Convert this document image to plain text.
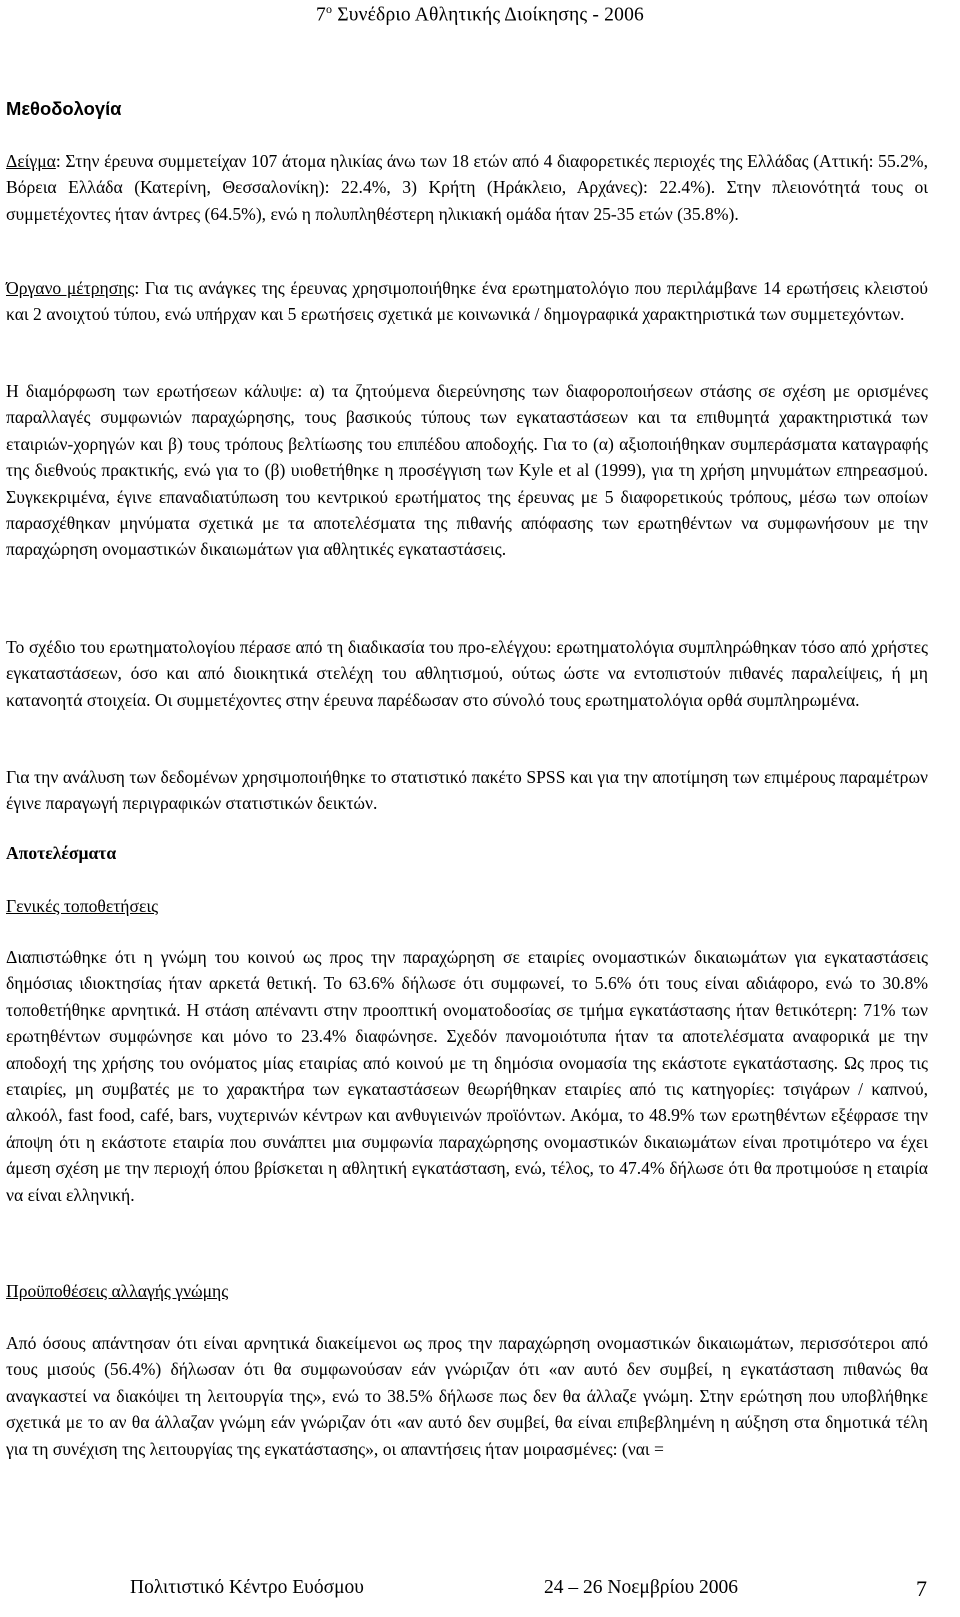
$7^o$ Συνέδριο Αθλητικής Διοίκησης - 2006
Μεθοδολογία
Δείγμα: Στην έρευνα συμμετείχαν 107 άτομα ηλικίας άνω των 18 ετών από 4 διαφορετικές περιοχές της Ελλάδας (Αττική: 55.2%, Βόρεια Ελλάδα (Κατερίνη, Θεσσαλονίκη): 22.4%, 3) Κρήτη (Ηράκλειο, Αρχάνες): 22.4%). Στην πλειονότητά τους οι συμμετέχοντες ήταν άντρες (64.5%), ενώ η πολυπληθέστερη ηλικιακή ομάδα ήταν 25-35 ετών (35.8%).
Όργανο μέτρησης: Για τις ανάγκες της έρευνας χρησιμοποιήθηκε ένα ερωτηματολόγιο που περιλάμβανε 14 ερωτήσεις κλειστού και 2 ανοιχτού τύπου, ενώ υπήρχαν και 5 ερωτήσεις σχετικά με κοινωνικά / δημογραφικά χαρακτηριστικά των συμμετεχόντων.
Η διαμόρφωση των ερωτήσεων κάλυψε: α) τα ζητούμενα διερεύνησης των διαφοροποιήσεων στάσης σε σχέση με ορισμένες παραλλαγές συμφωνιών παραχώρησης, τους βασικούς τύπους των εγκαταστάσεων και τα επιθυμητά χαρακτηριστικά των εταιριών-χορηγών και β) τους τρόπους βελτίωσης του επιπέδου αποδοχής. Για το (α) αξιοποιήθηκαν συμπεράσματα καταγραφής της διεθνούς πρακτικής, ενώ για το (β) υιοθετήθηκε η προσέγγιση των Kyle et al (1999), για τη χρήση μηνυμάτων επηρεασμού. Συγκεκριμένα, έγινε επαναδιατύπωση του κεντρικού ερωτήματος της έρευνας με 5 διαφορετικούς τρόπους, μέσω των οποίων παρασχέθηκαν μηνύματα σχετικά με τα αποτελέσματα της πιθανής απόφασης των ερωτηθέντων να συμφωνήσουν με την παραχώρηση ονομαστικών δικαιωμάτων για αθλητικές εγκαταστάσεις.
Το σχέδιο του ερωτηματολογίου πέρασε από τη διαδικασία του προ-ελέγχου: ερωτηματολόγια συμπληρώθηκαν τόσο από χρήστες εγκαταστάσεων, όσο και από διοικητικά στελέχη του αθλητισμού, ούτως ώστε να εντοπιστούν πιθανές παραλείψεις, ή μη κατανοητά στοιχεία. Οι συμμετέχοντες στην έρευνα παρέδωσαν στο σύνολό τους ερωτηματολόγια ορθά συμπληρωμένα.
Για την ανάλυση των δεδομένων χρησιμοποιήθηκε το στατιστικό πακέτο SPSS και για την αποτίμηση των επιμέρους παραμέτρων έγινε παραγωγή περιγραφικών στατιστικών δεικτών.
Αποτελέσματα
Γενικές τοποθετήσεις
Διαπιστώθηκε ότι η γνώμη του κοινού ως προς την παραχώρηση σε εταιρίες ονομαστικών δικαιωμάτων για εγκαταστάσεις δημόσιας ιδιοκτησίας ήταν αρκετά θετική. Το 63.6% δήλωσε ότι συμφωνεί, το 5.6% ότι τους είναι αδιάφορο, ενώ το 30.8% τοποθετήθηκε αρνητικά. Η στάση απέναντι στην προοπτική ονοματοδοσίας σε τμήμα εγκατάστασης ήταν θετικότερη: 71% των ερωτηθέντων συμφώνησε και μόνο το 23.4% διαφώνησε. Σχεδόν πανομοιότυπα ήταν τα αποτελέσματα αναφορικά με την αποδοχή της χρήσης του ονόματος μίας εταιρίας από κοινού με τη δημόσια ονομασία της εκάστοτε εγκατάστασης. Ως προς τις εταιρίες, μη συμβατές με το χαρακτήρα των εγκαταστάσεων θεωρήθηκαν εταιρίες από τις κατηγορίες: τσιγάρων / καπνού, αλκοόλ, fast food, café, bars, νυχτερινών κέντρων και ανθυγιεινών προϊόντων. Ακόμα, το 48.9% των ερωτηθέντων εξέφρασε την άποψη ότι η εκάστοτε εταιρία που συνάπτει μια συμφωνία παραχώρησης ονομαστικών δικαιωμάτων είναι προτιμότερο να έχει άμεση σχέση με την περιοχή όπου βρίσκεται η αθλητική εγκατάσταση, ενώ, τέλος, το 47.4% δήλωσε ότι θα προτιμούσε η εταιρία να είναι ελληνική.
Προϋποθέσεις αλλαγής γνώμης
Από όσους απάντησαν ότι είναι αρνητικά διακείμενοι ως προς την παραχώρηση ονομαστικών δικαιωμάτων, περισσότεροι από τους μισούς (56.4%) δήλωσαν ότι θα συμφωνούσαν εάν γνώριζαν ότι «αν αυτό δεν συμβεί, η εγκατάσταση πιθανώς θα αναγκαστεί να διακόψει τη λειτουργία της», ενώ το 38.5% δήλωσε πως δεν θα άλλαζε γνώμη. Στην ερώτηση που υποβλήθηκε σχετικά με το αν θα άλλαζαν γνώμη εάν γνώριζαν ότι «αν αυτό δεν συμβεί, θα είναι επιβεβλημένη η αύξηση στα δημοτικά τέλη για τη συνέχιση της λειτουργίας της εγκατάστασης», οι απαντήσεις ήταν μοιρασμένες: (ναι =
Πολιτιστικό Κέντρο Ευόσμου	24 – 26 Νοεμβρίου 2006	7
